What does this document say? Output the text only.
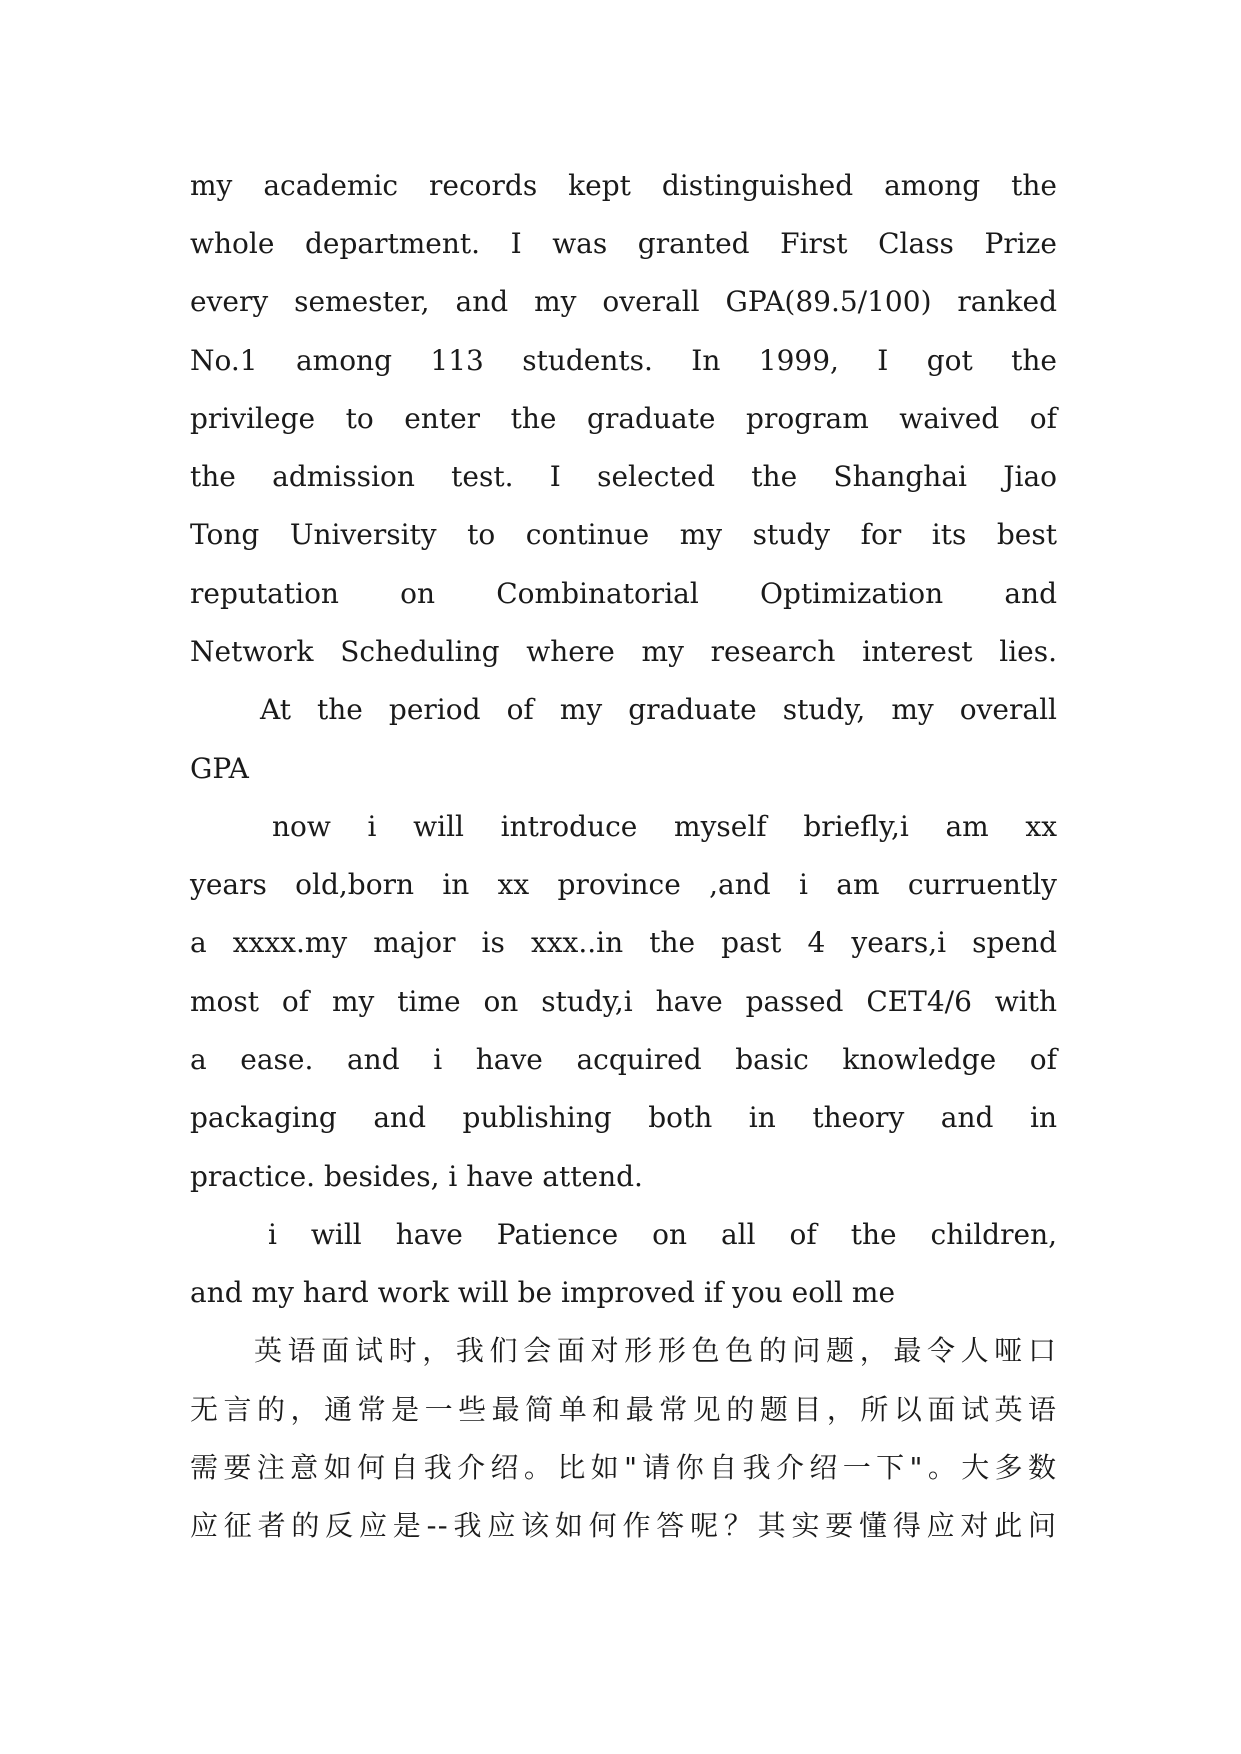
my academic records kept distinguished among the
whole department. I was granted First Class Prize
every semester, and my overall GPA(89.5/100) ranked
No.1 among 113 students. In 1999, I got the
privilege to enter the graduate program waived of
the admission test. I selected the Shanghai Jiao
Tong University to continue my study for its best
reputation on Combinatorial Optimization and
Network Scheduling where my research interest lies.
At the period of my graduate study, my overall
GPA
now i will introduce myself briefly,i am xx
years old,born in xx province ,and i am curruently
a xxxx.my major is xxx..in the past 4 years,i spend
most of my time on study,i have passed CET4/6 with
a ease. and i have acquired basic knowledge of
packaging and publishing both in theory and in
practice. besides, i have attend.
i will have Patience on all of the children,
and my hard work will be improved if you eoll me
英语面试时，我们会面对形形色色的问题，最令人哑口
无言的，通常是一些最简单和最常见的题目，所以面试英语
需要注意如何自我介绍。比如"请你自我介绍一下"。大多数
应征者的反应是--我应该如何作答呢？其实要懂得应对此问
